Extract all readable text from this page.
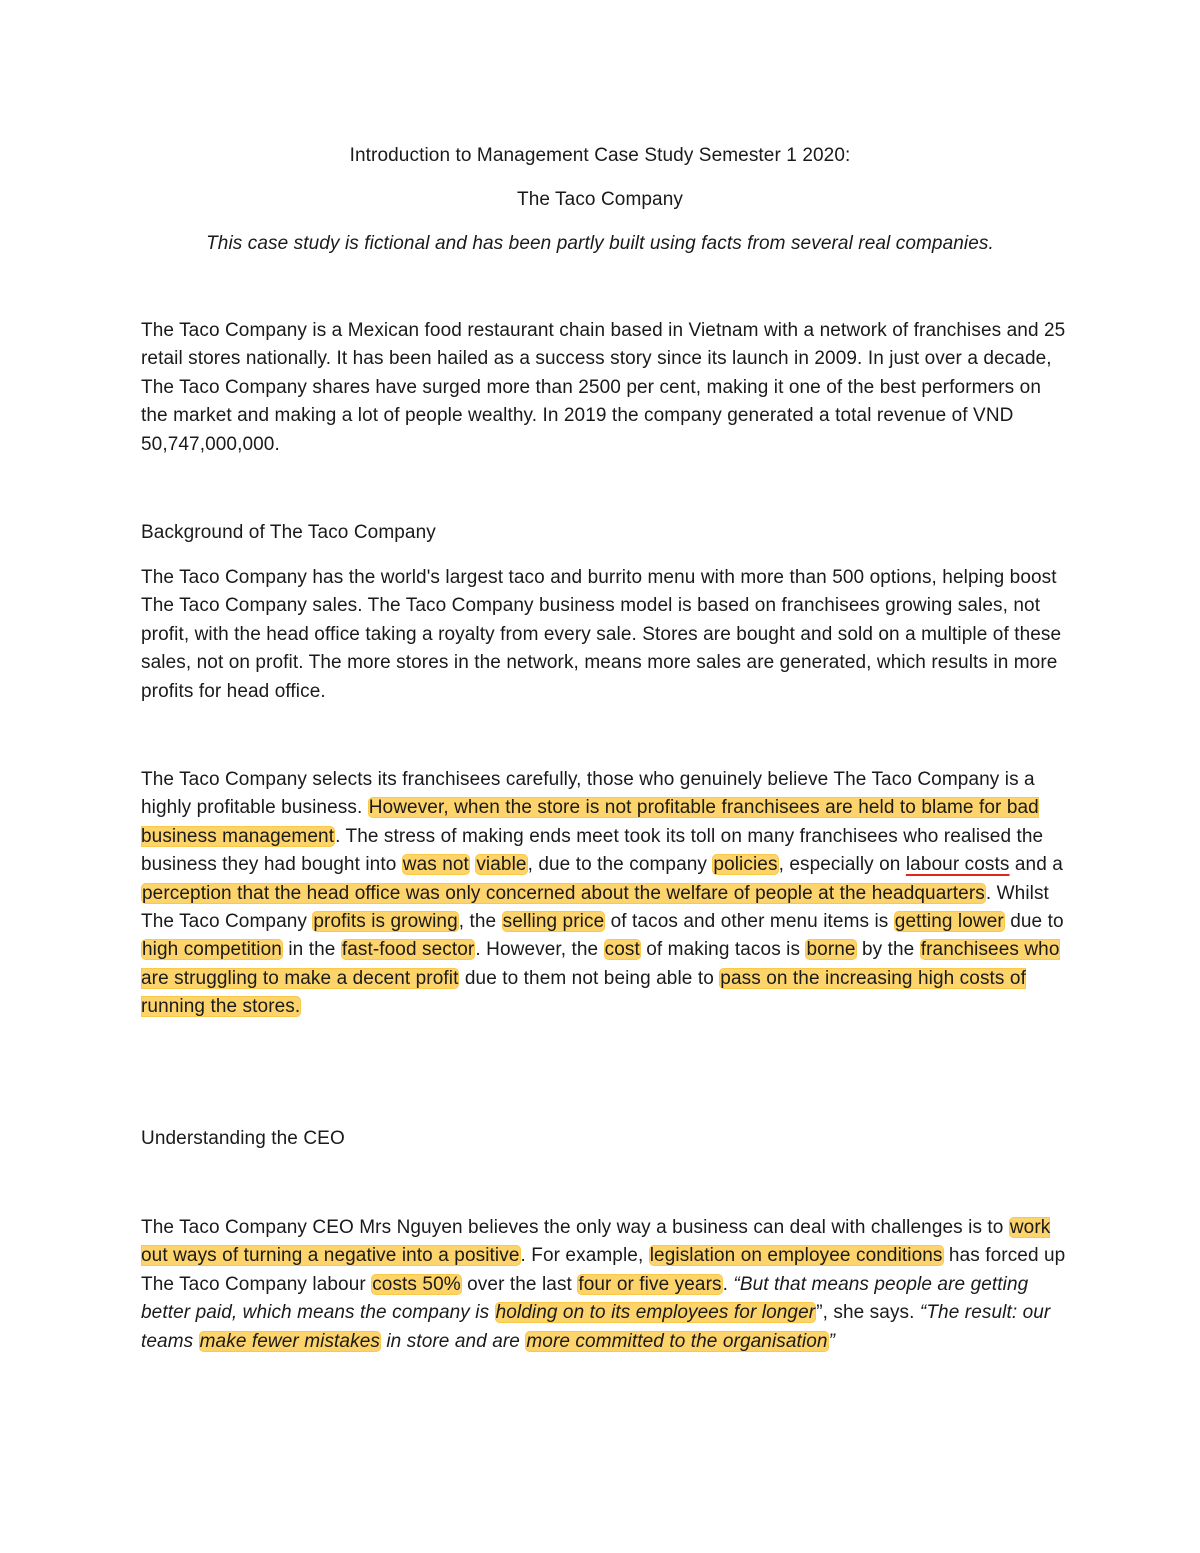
Introduction to Management Case Study Semester 1 2020:

The Taco Company

This case study is fictional and has been partly built using facts from several real companies.

The Taco Company is a Mexican food restaurant chain based in Vietnam with a network of franchises and 25 retail stores nationally. It has been hailed as a success story since its launch in 2009. In just over a decade, The Taco Company shares have surged more than 2500 per cent, making it one of the best performers on the market and making a lot of people wealthy. In 2019 the company generated a total revenue of VND 50,747,000,000.

Background of The Taco Company

The Taco Company has the world's largest taco and burrito menu with more than 500 options, helping boost The Taco Company sales. The Taco Company business model is based on franchisees growing sales, not profit, with the head office taking a royalty from every sale. Stores are bought and sold on a multiple of these sales, not on profit. The more stores in the network, means more sales are generated, which results in more profits for head office.

The Taco Company selects its franchisees carefully, those who genuinely believe The Taco Company is a highly profitable business. However, when the store is not profitable franchisees are held to blame for bad business management. The stress of making ends meet took its toll on many franchisees who realised the business they had bought into was not viable, due to the company policies, especially on labour costs and a perception that the head office was only concerned about the welfare of people at the headquarters. Whilst The Taco Company profits is growing, the selling price of tacos and other menu items is getting lower due to high competition in the fast-food sector. However, the cost of making tacos is borne by the franchisees who are struggling to make a decent profit due to them not being able to pass on the increasing high costs of running the stores.

Understanding the CEO

The Taco Company CEO Mrs Nguyen believes the only way a business can deal with challenges is to work out ways of turning a negative into a positive. For example, legislation on employee conditions has forced up The Taco Company labour costs 50% over the last four or five years. “But that means people are getting better paid, which means the company is holding on to its employees for longer”, she says. “The result: our teams make fewer mistakes in store and are more committed to the organisation”
